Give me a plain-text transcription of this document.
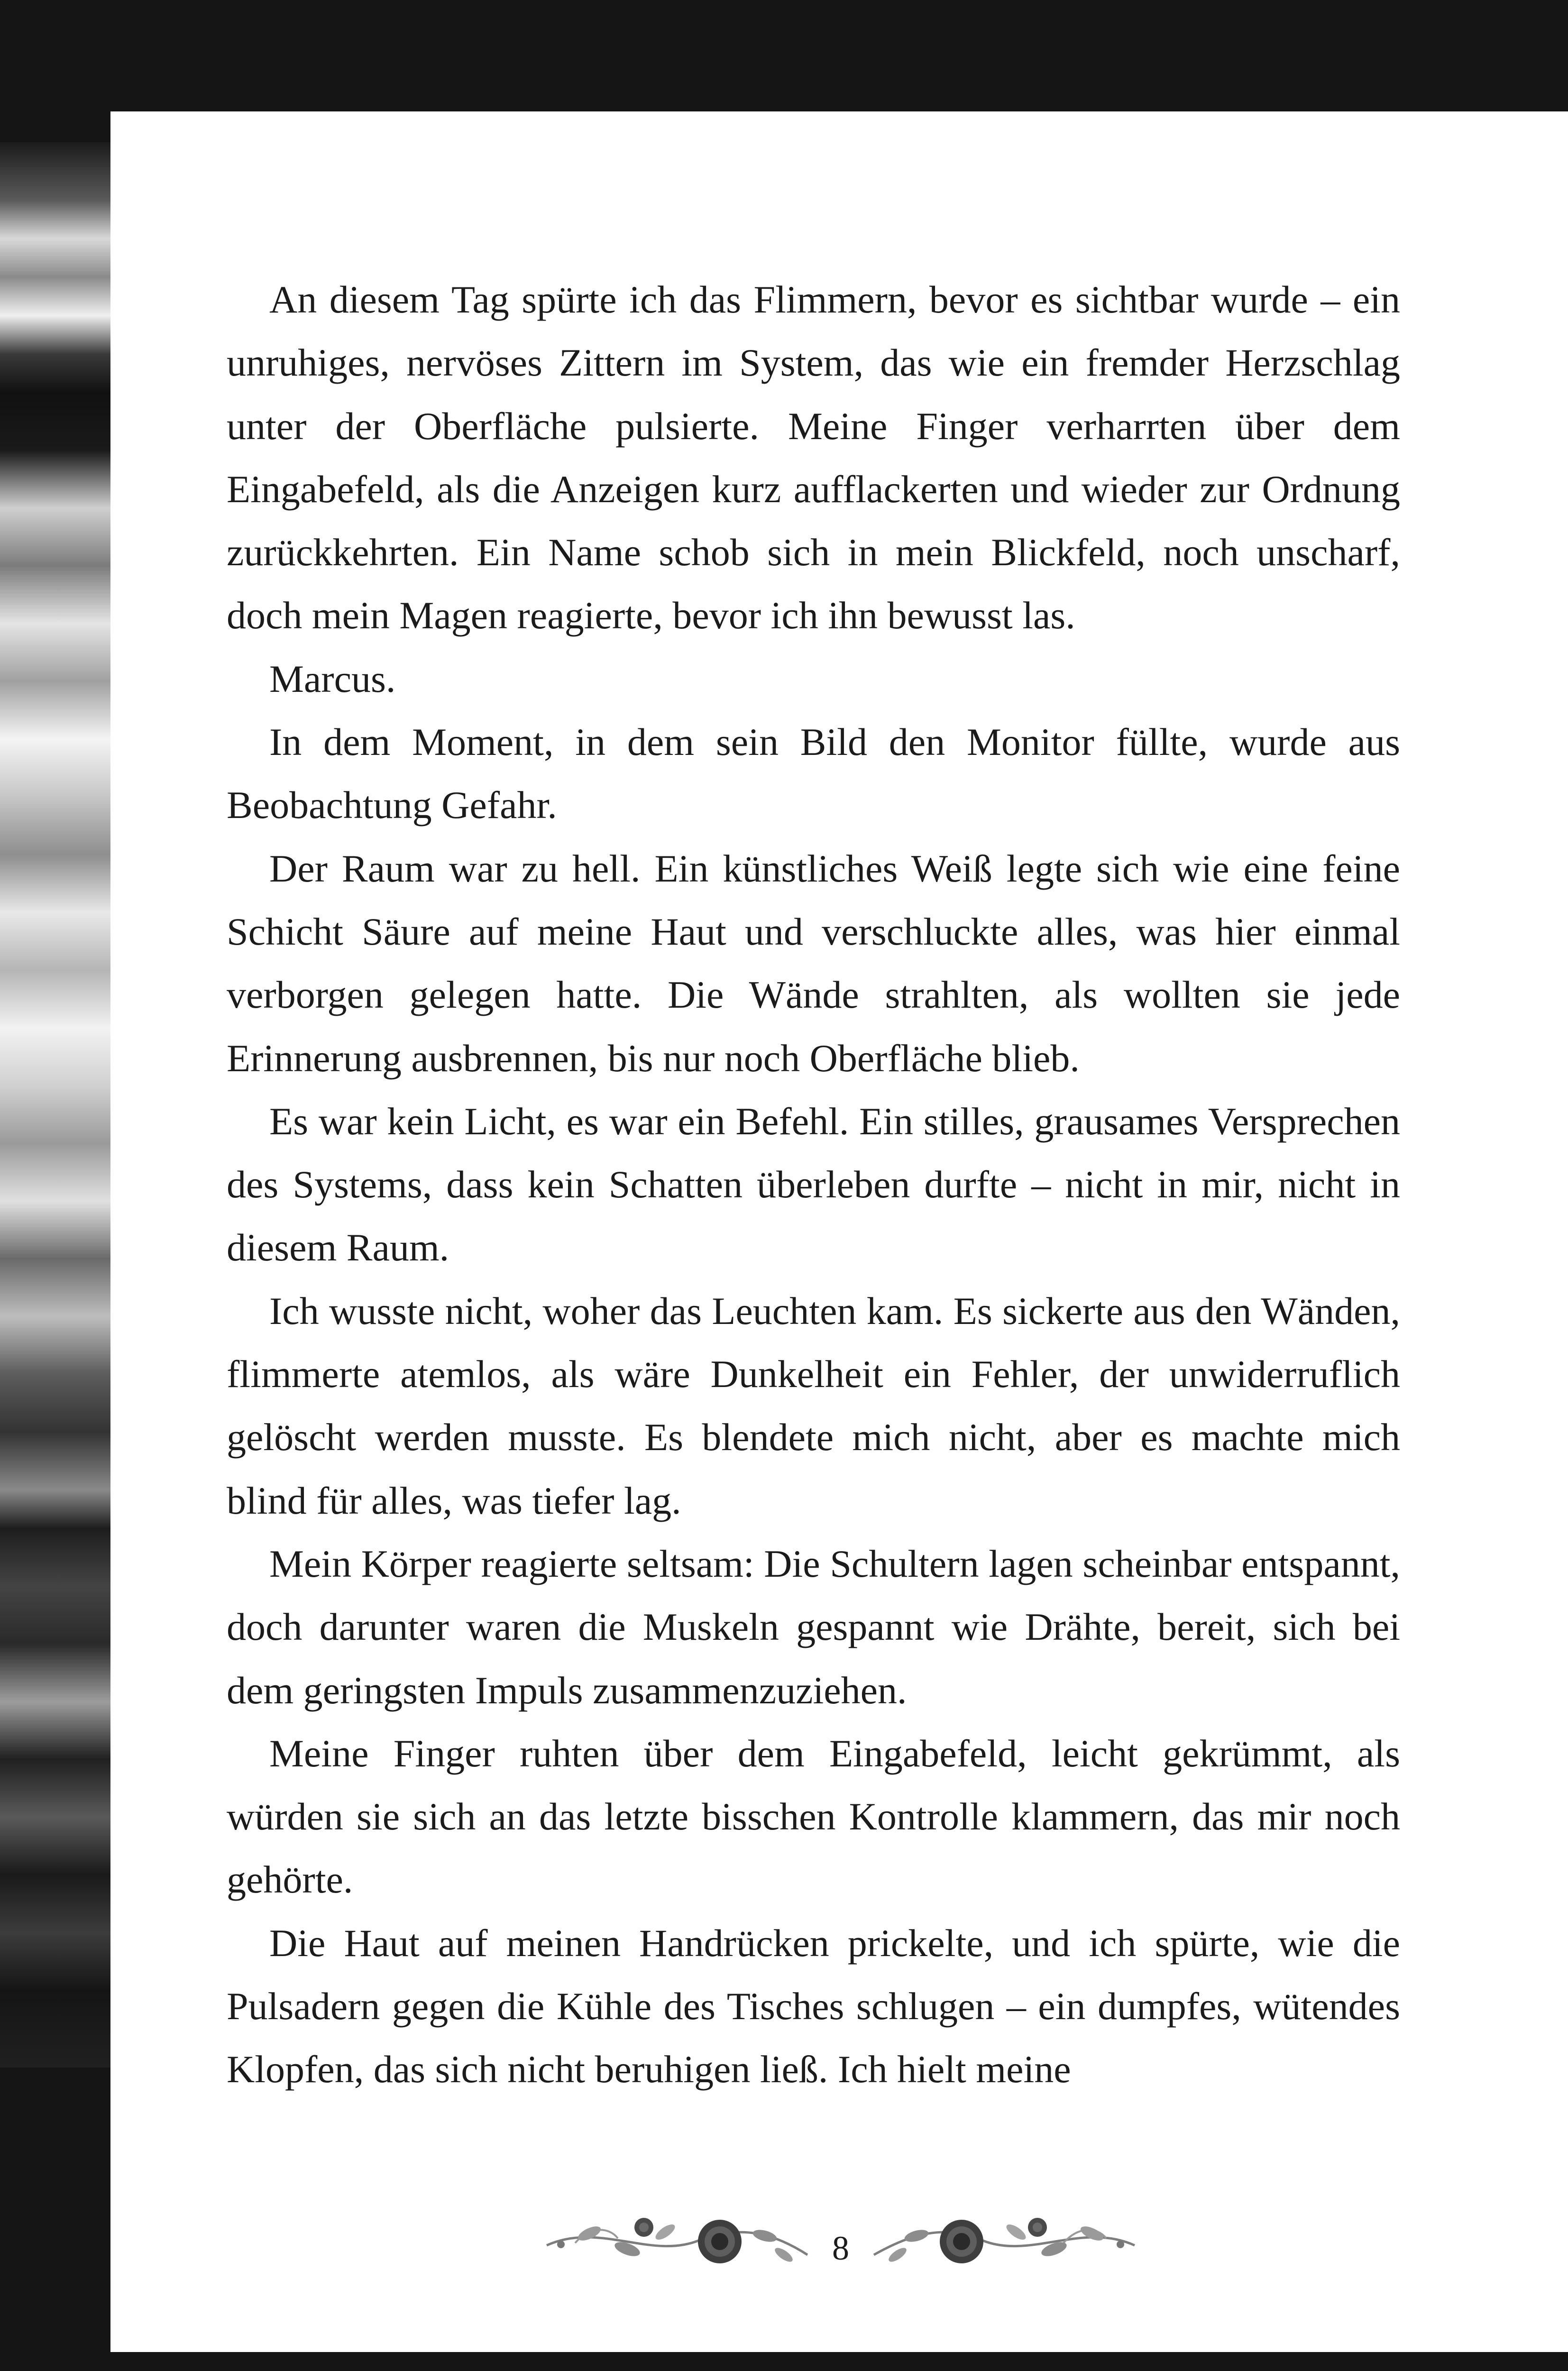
An diesem Tag spürte ich das Flimmern, bevor es sichtbar wurde – ein unruhiges, nervöses Zittern im System, das wie ein fremder Herzschlag unter der Oberfläche pulsierte. Meine Finger verharrten über dem Eingabefeld, als die Anzeigen kurz aufflackerten und wieder zur Ordnung zurückkehrten. Ein Name schob sich in mein Blickfeld, noch unscharf, doch mein Magen reagierte, bevor ich ihn bewusst las.

Marcus.

In dem Moment, in dem sein Bild den Monitor füllte, wurde aus Beobachtung Gefahr.

Der Raum war zu hell. Ein künstliches Weiß legte sich wie eine feine Schicht Säure auf meine Haut und verschluckte alles, was hier einmal verborgen gelegen hatte. Die Wände strahlten, als wollten sie jede Erinnerung ausbrennen, bis nur noch Oberfläche blieb.

Es war kein Licht, es war ein Befehl. Ein stilles, grausames Versprechen des Systems, dass kein Schatten überleben durfte – nicht in mir, nicht in diesem Raum.

Ich wusste nicht, woher das Leuchten kam. Es sickerte aus den Wänden, flimmerte atemlos, als wäre Dunkelheit ein Fehler, der unwiderruflich gelöscht werden musste. Es blendete mich nicht, aber es machte mich blind für alles, was tiefer lag.

Mein Körper reagierte seltsam: Die Schultern lagen scheinbar entspannt, doch darunter waren die Muskeln gespannt wie Drähte, bereit, sich bei dem geringsten Impuls zusammenzuziehen.

Meine Finger ruhten über dem Eingabefeld, leicht gekrümmt, als würden sie sich an das letzte bisschen Kontrolle klammern, das mir noch gehörte.

Die Haut auf meinen Handrücken prickelte, und ich spürte, wie die Pulsadern gegen die Kühle des Tisches schlugen – ein dumpfes, wütendes Klopfen, das sich nicht beruhigen ließ. Ich hielt meine

8
